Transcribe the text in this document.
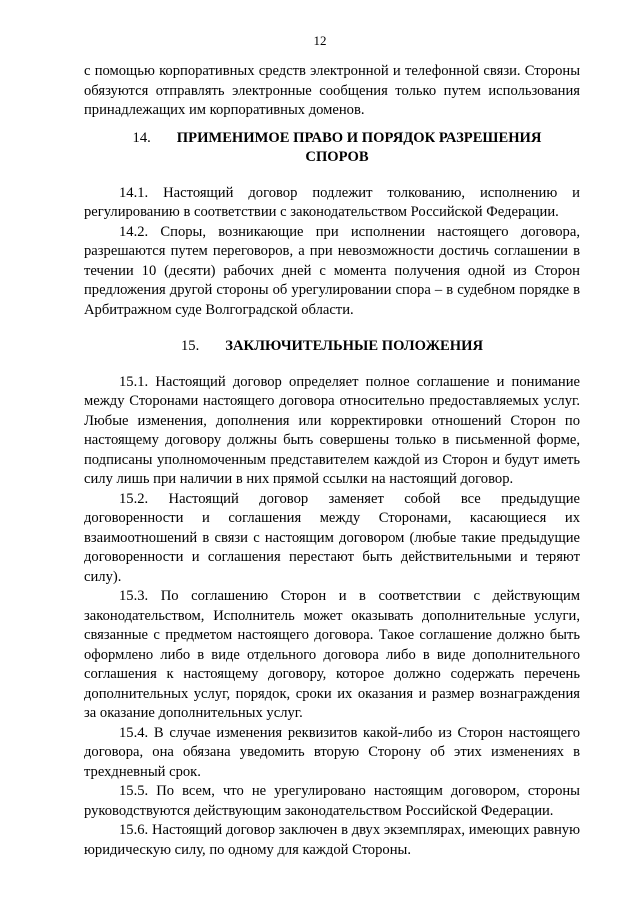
12

с помощью корпоративных средств электронной и телефонной связи. Стороны обязуются отправлять электронные сообщения только путем использования принадлежащих им корпоративных доменов.

14. ПРИМЕНИМОЕ ПРАВО И ПОРЯДОК РАЗРЕШЕНИЯ СПОРОВ

14.1. Настоящий договор подлежит толкованию, исполнению и регулированию в соответствии с законодательством Российской Федерации.

14.2. Споры, возникающие при исполнении настоящего договора, разрешаются путем переговоров, а при невозможности достичь соглашении в течении 10 (десяти) рабочих дней с момента получения одной из Сторон предложения другой стороны об урегулировании спора – в судебном порядке в Арбитражном суде Волгоградской области.

15. ЗАКЛЮЧИТЕЛЬНЫЕ ПОЛОЖЕНИЯ

15.1. Настоящий договор определяет полное соглашение и понимание между Сторонами настоящего договора относительно предоставляемых услуг. Любые изменения, дополнения или корректировки отношений Сторон по настоящему договору должны быть совершены только в письменной форме, подписаны уполномоченным представителем каждой из Сторон и будут иметь силу лишь при наличии в них прямой ссылки на настоящий договор.

15.2. Настоящий договор заменяет собой все предыдущие договоренности и соглашения между Сторонами, касающиеся их взаимоотношений в связи с настоящим договором (любые такие предыдущие договоренности и соглашения перестают быть действительными и теряют силу).

15.3. По соглашению Сторон и в соответствии с действующим законодательством, Исполнитель может оказывать дополнительные услуги, связанные с предметом настоящего договора. Такое соглашение должно быть оформлено либо в виде отдельного договора либо в виде дополнительного соглашения к настоящему договору, которое должно содержать перечень дополнительных услуг, порядок, сроки их оказания и размер вознаграждения за оказание дополнительных услуг.

15.4. В случае изменения реквизитов какой-либо из Сторон настоящего договора, она обязана уведомить вторую Сторону об этих изменениях в трехдневный срок.

15.5. По всем, что не урегулировано настоящим договором, стороны руководствуются действующим законодательством Российской Федерации.

15.6. Настоящий договор заключен в двух экземплярах, имеющих равную юридическую силу, по одному для каждой Стороны.
